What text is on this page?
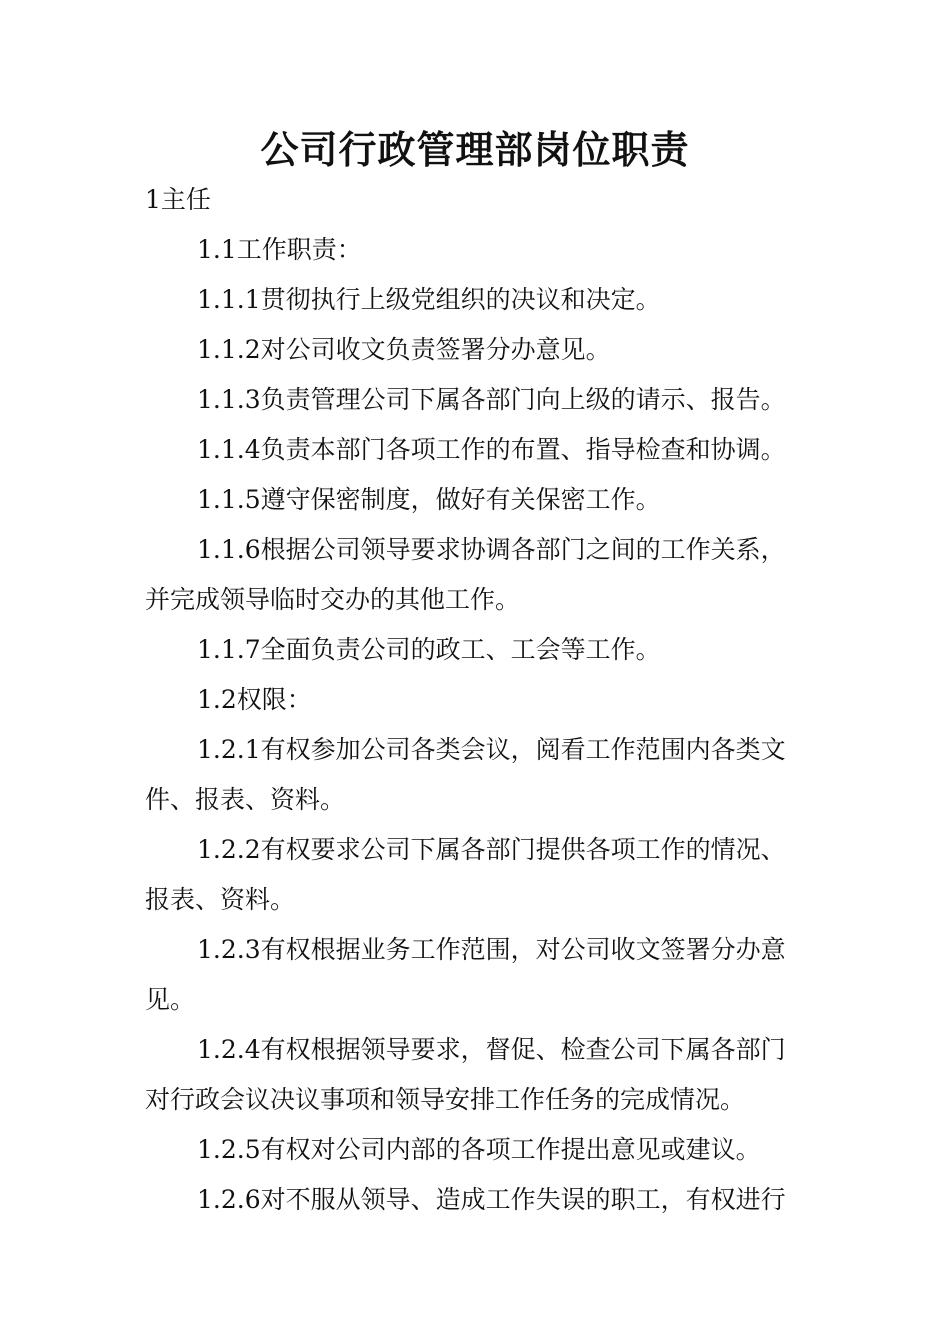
公司行政管理部岗位职责

1主任

1.1工作职责：

1.1.1贯彻执行上级党组织的决议和决定。

1.1.2对公司收文负责签署分办意见。

1.1.3负责管理公司下属各部门向上级的请示、报告。

1.1.4负责本部门各项工作的布置、指导检查和协调。

1.1.5遵守保密制度，做好有关保密工作。

1.1.6根据公司领导要求协调各部门之间的工作关系，并完成领导临时交办的其他工作。

1.1.7全面负责公司的政工、工会等工作。

1.2权限：

1.2.1有权参加公司各类会议，阅看工作范围内各类文件、报表、资料。

1.2.2有权要求公司下属各部门提供各项工作的情况、报表、资料。

1.2.3有权根据业务工作范围，对公司收文签署分办意见。

1.2.4有权根据领导要求，督促、检查公司下属各部门对行政会议决议事项和领导安排工作任务的完成情况。

1.2.5有权对公司内部的各项工作提出意见或建议。

1.2.6对不服从领导、造成工作失误的职工，有权进行
